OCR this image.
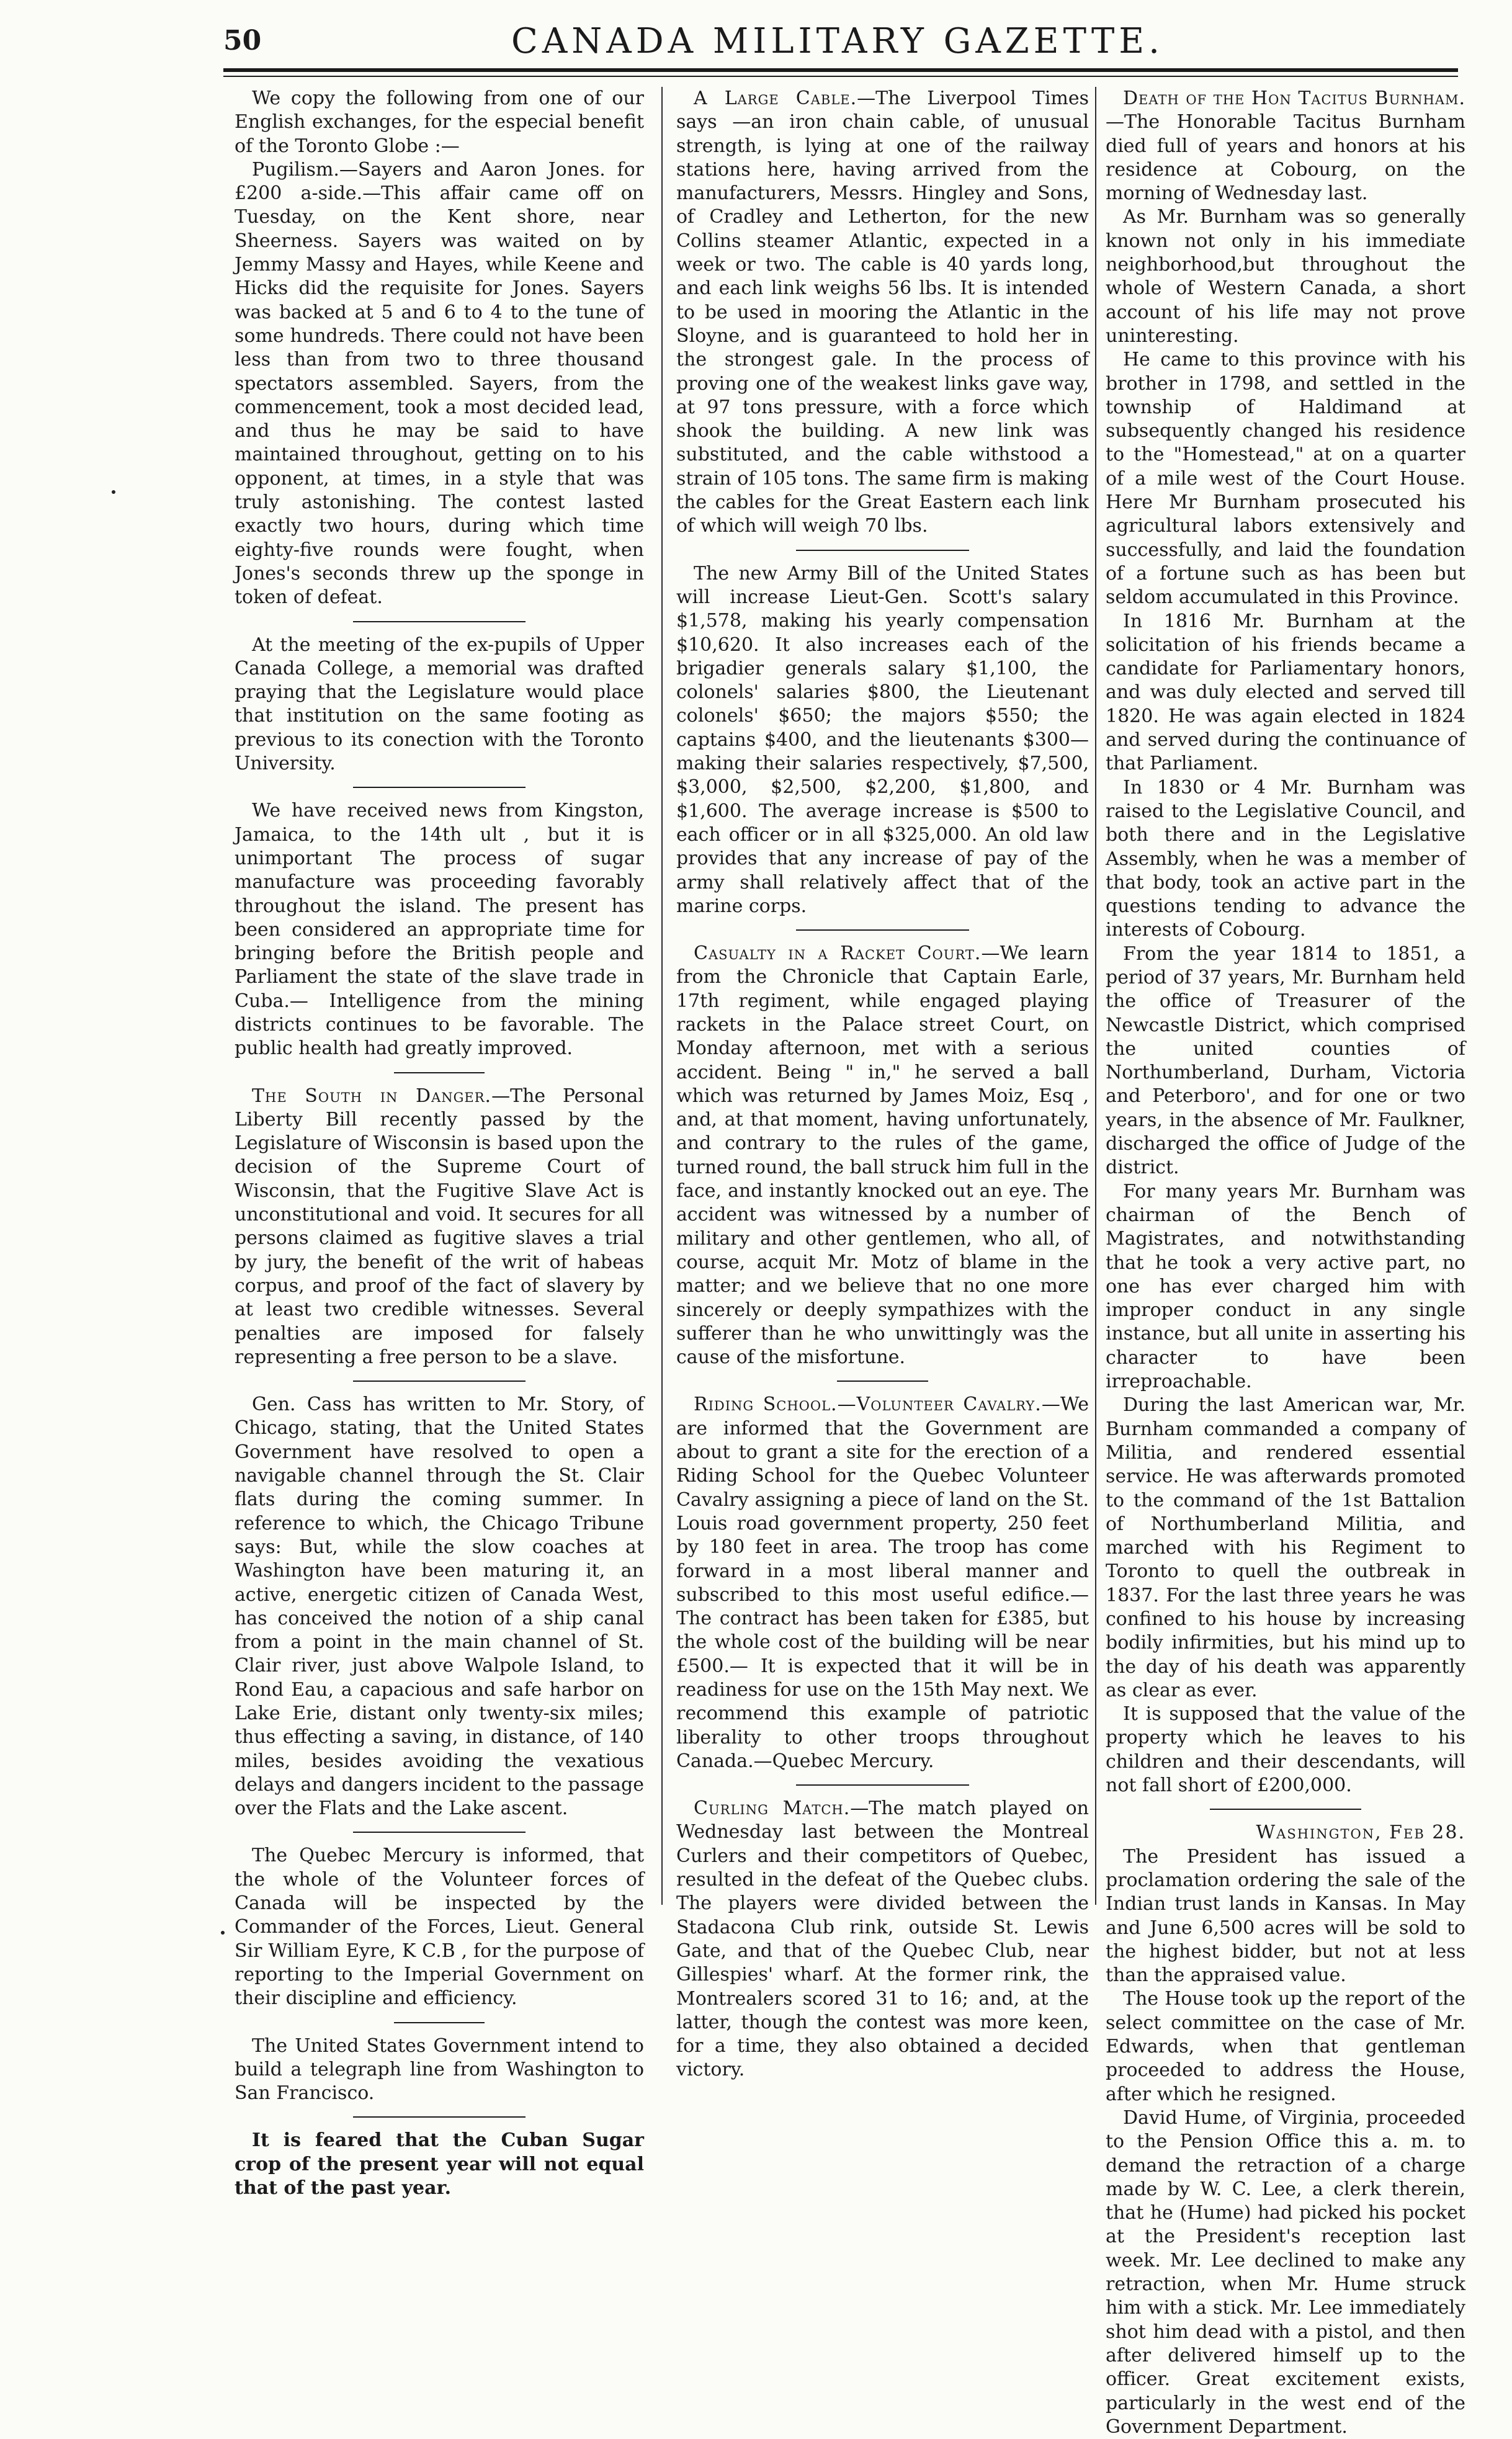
50	CANADA MILITARY GAZETTE.

We copy the following from one of our English exchanges, for the especial benefit of the Toronto Globe :—

Pugilism.—Sayers and Aaron Jones. for £200 a-side.—This affair came off on Tuesday, on the Kent shore, near Sheerness. Sayers was waited on by Jemmy Massy and Hayes, while Keene and Hicks did the requisite for Jones. Sayers was backed at 5 and 6 to 4 to the tune of some hundreds. There could not have been less than from two to three thousand spectators assembled. Sayers, from the commencement, took a most decided lead, and thus he may be said to have maintained throughout, getting on to his opponent, at times, in a style that was truly astonishing. The contest lasted exactly two hours, during which time eighty-five rounds were fought, when Jones's seconds threw up the sponge in token of defeat.

At the meeting of the ex-pupils of Upper Canada College, a memorial was drafted praying that the Legislature would place that institution on the same footing as previous to its conection with the Toronto University.

We have received news from Kingston, Jamaica, to the 14th ult , but it is unimportant The process of sugar manufacture was proceeding favorably throughout the island. The present has been considered an appropriate time for bringing before the British people and Parliament the state of the slave trade in Cuba.— Intelligence from the mining districts continues to be favorable. The public health had greatly improved.

The South in Danger.—The Personal Liberty Bill recently passed by the Legislature of Wisconsin is based upon the decision of the Supreme Court of Wisconsin, that the Fugitive Slave Act is unconstitutional and void. It secures for all persons claimed as fugitive slaves a trial by jury, the benefit of the writ of habeas corpus, and proof of the fact of slavery by at least two credible witnesses. Several penalties are imposed for falsely representing a free person to be a slave.

Gen. Cass has written to Mr. Story, of Chicago, stating, that the United States Government have resolved to open a navigable channel through the St. Clair flats during the coming summer. In reference to which, the Chicago Tribune says: But, while the slow coaches at Washington have been maturing it, an active, energetic citizen of Canada West, has conceived the notion of a ship canal from a point in the main channel of St. Clair river, just above Walpole Island, to Rond Eau, a capacious and safe harbor on Lake Erie, distant only twenty-six miles; thus effecting a saving, in distance, of 140 miles, besides avoiding the vexatious delays and dangers incident to the passage over the Flats and the Lake ascent.

The Quebec Mercury is informed, that the whole of the Volunteer forces of Canada will be inspected by the Commander of the Forces, Lieut. General Sir William Eyre, K C.B , for the purpose of reporting to the Imperial Government on their discipline and efficiency.

The United States Government intend to build a telegraph line from Washington to San Francisco.

It is feared that the Cuban Sugar crop of the present year will not equal that of the past year.

A Large Cable.—The Liverpool Times says —an iron chain cable, of unusual strength, is lying at one of the railway stations here, having arrived from the manufacturers, Messrs. Hingley and Sons, of Cradley and Letherton, for the new Collins steamer Atlantic, expected in a week or two. The cable is 40 yards long, and each link weighs 56 lbs. It is intended to be used in mooring the Atlantic in the Sloyne, and is guaranteed to hold her in the strongest gale. In the process of proving one of the weakest links gave way, at 97 tons pressure, with a force which shook the building. A new link was substituted, and the cable withstood a strain of 105 tons. The same firm is making the cables for the Great Eastern each link of which will weigh 70 lbs.

The new Army Bill of the United States will increase Lieut-Gen. Scott's salary $1,578, making his yearly compensation $10,620. It also increases each of the brigadier generals salary $1,100, the colonels' salaries $800, the Lieutenant colonels' $650; the majors $550; the captains $400, and the lieutenants $300—making their salaries respectively, $7,500, $3,000, $2,500, $2,200, $1,800, and $1,600. The average increase is $500 to each officer or in all $325,000. An old law provides that any increase of pay of the army shall relatively affect that of the marine corps.

Casualty in a Racket Court.—We learn from the Chronicle that Captain Earle, 17th regiment, while engaged playing rackets in the Palace street Court, on Monday afternoon, met with a serious accident. Being " in," he served a ball which was returned by James Moiz, Esq , and, at that moment, having unfortunately, and contrary to the rules of the game, turned round, the ball struck him full in the face, and instantly knocked out an eye. The accident was witnessed by a number of military and other gentlemen, who all, of course, acquit Mr. Motz of blame in the matter; and we believe that no one more sincerely or deeply sympathizes with the sufferer than he who unwittingly was the cause of the misfortune.

Riding School.—Volunteer Cavalry.—We are informed that the Government are about to grant a site for the erection of a Riding School for the Quebec Volunteer Cavalry assigning a piece of land on the St. Louis road government property, 250 feet by 180 feet in area. The troop has come forward in a most liberal manner and subscribed to this most useful edifice.— The contract has been taken for £385, but the whole cost of the building will be near £500.— It is expected that it will be in readiness for use on the 15th May next. We recommend this example of patriotic liberality to other troops throughout Canada.—Quebec Mercury.

Curling Match.—The match played on Wednesday last between the Montreal Curlers and their competitors of Quebec, resulted in the defeat of the Quebec clubs. The players were divided between the Stadacona Club rink, outside St. Lewis Gate, and that of the Quebec Club, near Gillespies' wharf. At the former rink, the Montrealers scored 31 to 16; and, at the latter, though the contest was more keen, for a time, they also obtained a decided victory.

Death of the Hon Tacitus Burnham.—The Honorable Tacitus Burnham died full of years and honors at his residence at Cobourg, on the morning of Wednesday last.

As Mr. Burnham was so generally known not only in his immediate neighborhood,but throughout the whole of Western Canada, a short account of his life may not prove uninteresting.

He came to this province with his brother in 1798, and settled in the township of Haldimand at subsequently changed his residence to the "Homestead," at on a quarter of a mile west of the Court House. Here Mr Burnham prosecuted his agricultural labors extensively and successfully, and laid the foundation of a fortune such as has been but seldom accumulated in this Province.

In 1816 Mr. Burnham at the solicitation of his friends became a candidate for Parliamentary honors, and was duly elected and served till 1820. He was again elected in 1824 and served during the continuance of that Parliament.

In 1830 or 4 Mr. Burnham was raised to the Legislative Council, and both there and in the Legislative Assembly, when he was a member of that body, took an active part in the questions tending to advance the interests of Cobourg.

From the year 1814 to 1851, a period of 37 years, Mr. Burnham held the office of Treasurer of the Newcastle District, which comprised the united counties of Northumberland, Durham, Victoria and Peterboro', and for one or two years, in the absence of Mr. Faulkner, discharged the office of Judge of the district.

For many years Mr. Burnham was chairman of the Bench of Magistrates, and notwithstanding that he took a very active part, no one has ever charged him with improper conduct in any single instance, but all unite in asserting his character to have been irreproachable.

During the last American war, Mr. Burnham commanded a company of Militia, and rendered essential service. He was afterwards promoted to the command of the 1st Battalion of Northumberland Militia, and marched with his Regiment to Toronto to quell the outbreak in 1837. For the last three years he was confined to his house by increasing bodily infirmities, but his mind up to the day of his death was apparently as clear as ever.

It is supposed that the value of the property which he leaves to his children and their descendants, will not fall short of £200,000.

Washington, Feb 28.

The President has issued a proclamation ordering the sale of the Indian trust lands in Kansas. In May and June 6,500 acres will be sold to the highest bidder, but not at less than the appraised value.

The House took up the report of the select committee on the case of Mr. Edwards, when that gentleman proceeded to address the House, after which he resigned.

David Hume, of Virginia, proceeded to the Pension Office this a. m. to demand the retraction of a charge made by W. C. Lee, a clerk therein, that he (Hume) had picked his pocket at the President's reception last week. Mr. Lee declined to make any retraction, when Mr. Hume struck him with a stick. Mr. Lee immediately shot him dead with a pistol, and then after delivered himself up to the officer. Great excitement exists, particularly in the west end of the Government Department.
